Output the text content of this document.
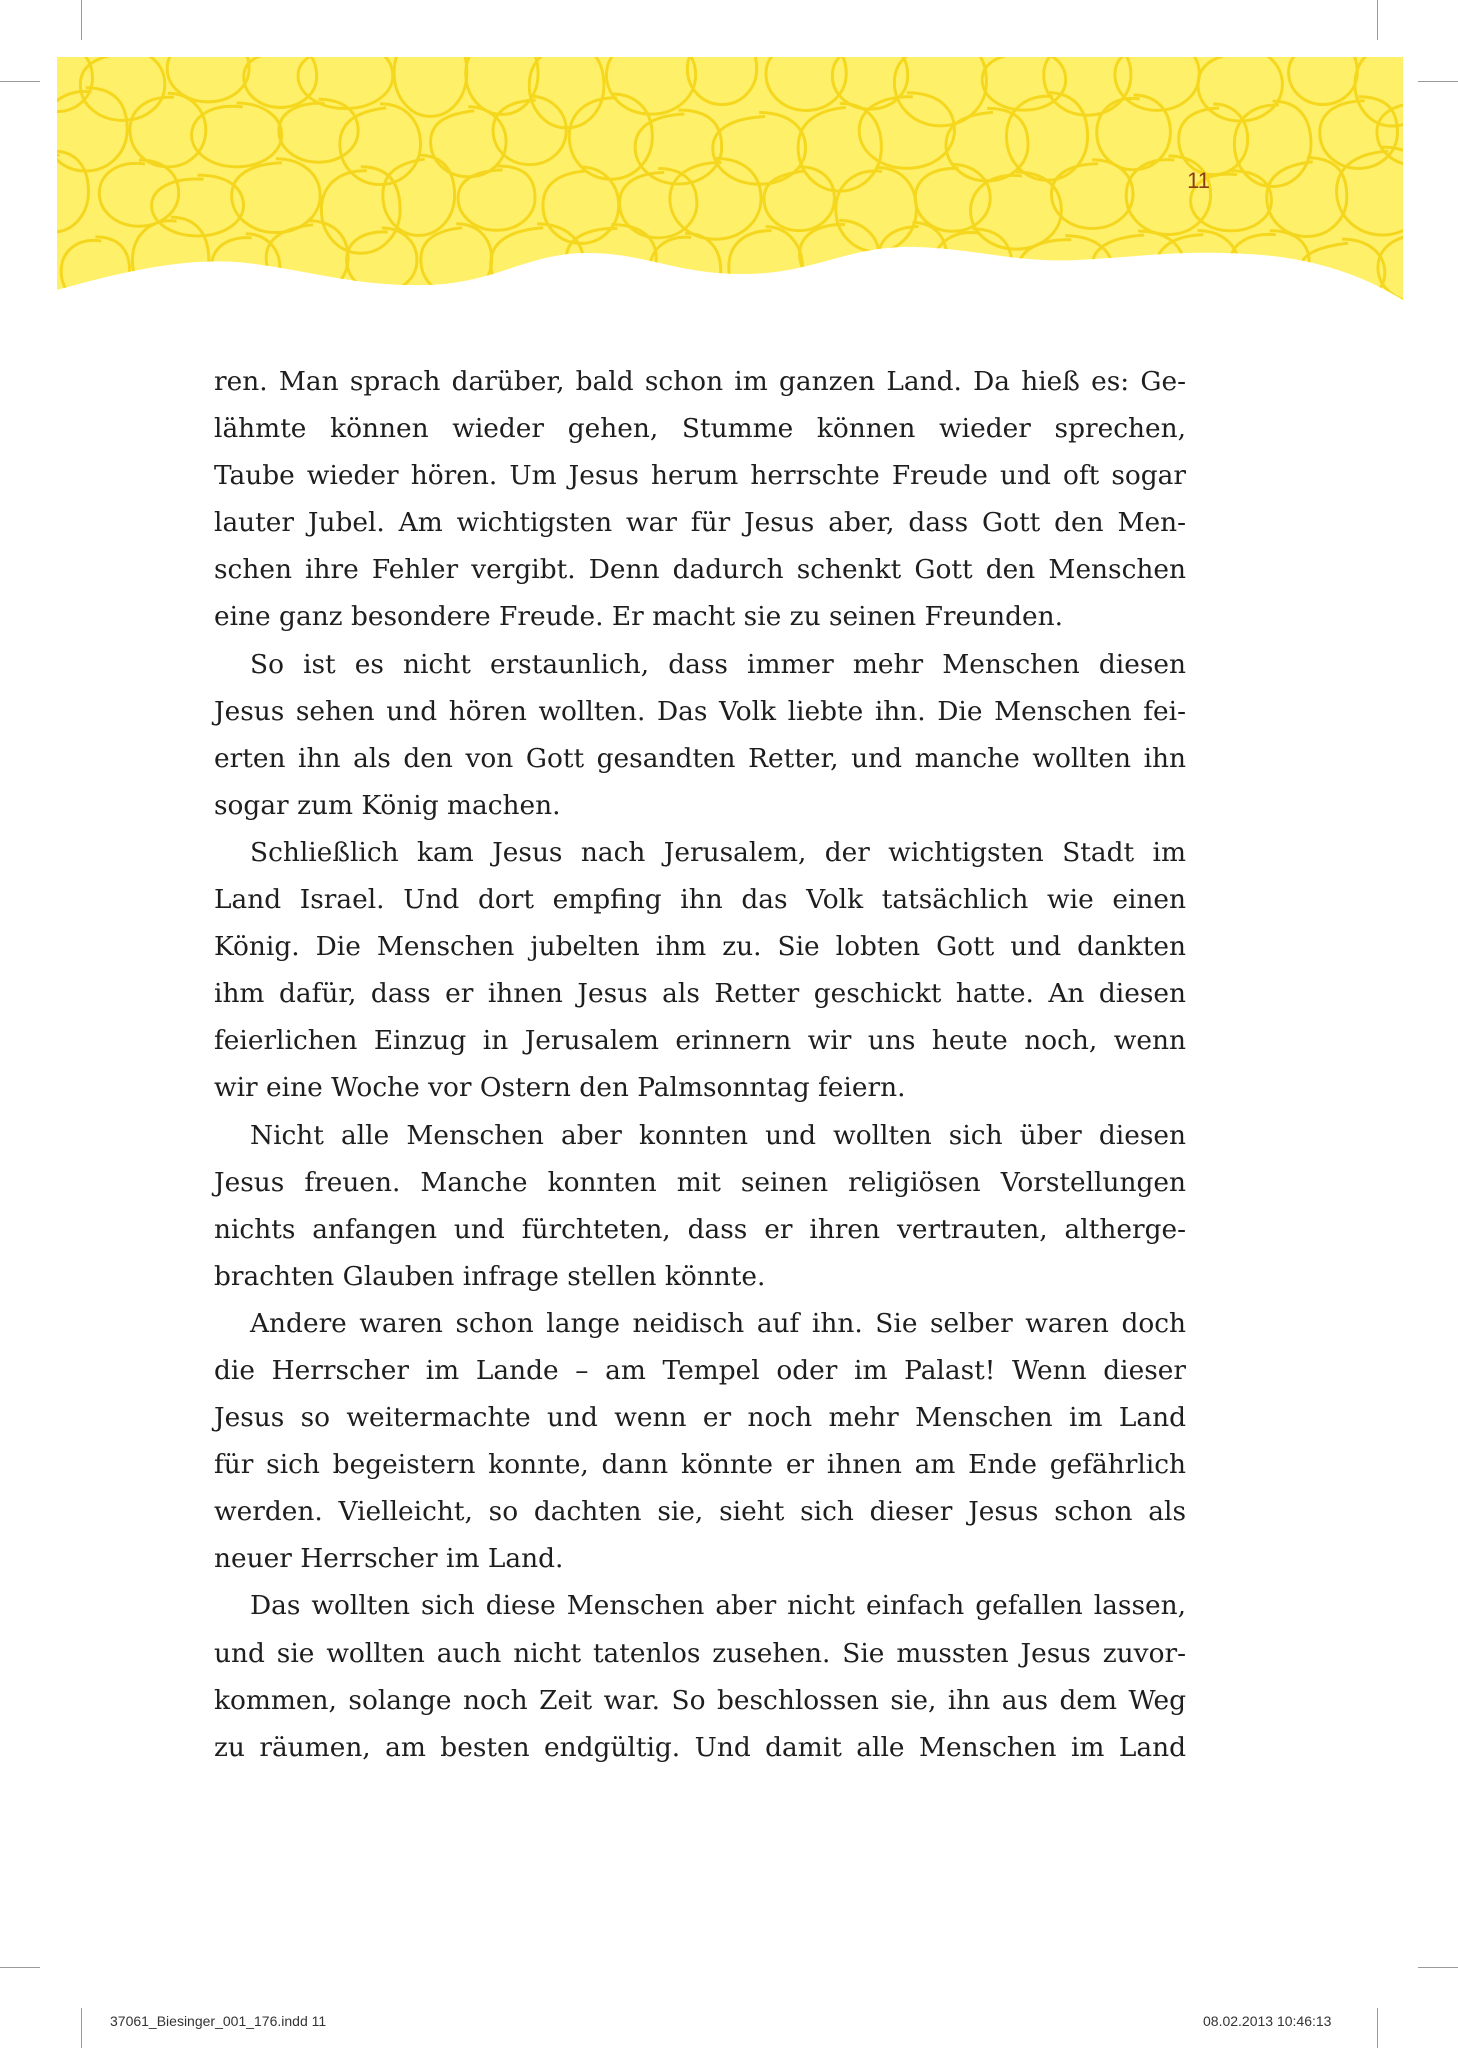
11
ren. Man sprach darüber, bald schon im ganzen Land. Da hieß es: Ge-
lähmte können wieder gehen, Stumme können wieder sprechen,
Taube wieder hören. Um Jesus herum herrschte Freude und oft sogar
lauter Jubel. Am wichtigsten war für Jesus aber, dass Gott den Men-
schen ihre Fehler vergibt. Denn dadurch schenkt Gott den Menschen
eine ganz besondere Freude. Er macht sie zu seinen Freunden.
So ist es nicht erstaunlich, dass immer mehr Menschen diesen
Jesus sehen und hören wollten. Das Volk liebte ihn. Die Menschen fei-
erten ihn als den von Gott gesandten Retter, und manche wollten ihn
sogar zum König machen.
Schließlich kam Jesus nach Jerusalem, der wichtigsten Stadt im
Land Israel. Und dort empfing ihn das Volk tatsächlich wie einen
König. Die Menschen jubelten ihm zu. Sie lobten Gott und dankten
ihm dafür, dass er ihnen Jesus als Retter geschickt hatte. An diesen
feierlichen Einzug in Jerusalem erinnern wir uns heute noch, wenn
wir eine Woche vor Ostern den Palmsonntag feiern.
Nicht alle Menschen aber konnten und wollten sich über diesen
Jesus freuen. Manche konnten mit seinen religiösen Vorstellungen
nichts anfangen und fürchteten, dass er ihren vertrauten, altherge-
brachten Glauben infrage stellen könnte.
Andere waren schon lange neidisch auf ihn. Sie selber waren doch
die Herrscher im Lande – am Tempel oder im Palast! Wenn dieser
Jesus so weitermachte und wenn er noch mehr Menschen im Land
für sich begeistern konnte, dann könnte er ihnen am Ende gefährlich
werden. Vielleicht, so dachten sie, sieht sich dieser Jesus schon als
neuer Herrscher im Land.
Das wollten sich diese Menschen aber nicht einfach gefallen lassen,
und sie wollten auch nicht tatenlos zusehen. Sie mussten Jesus zuvor-
kommen, solange noch Zeit war. So beschlossen sie, ihn aus dem Weg
zu räumen, am besten endgültig. Und damit alle Menschen im Land
37061_Biesinger_001_176.indd 11	08.02.2013 10:46:13
